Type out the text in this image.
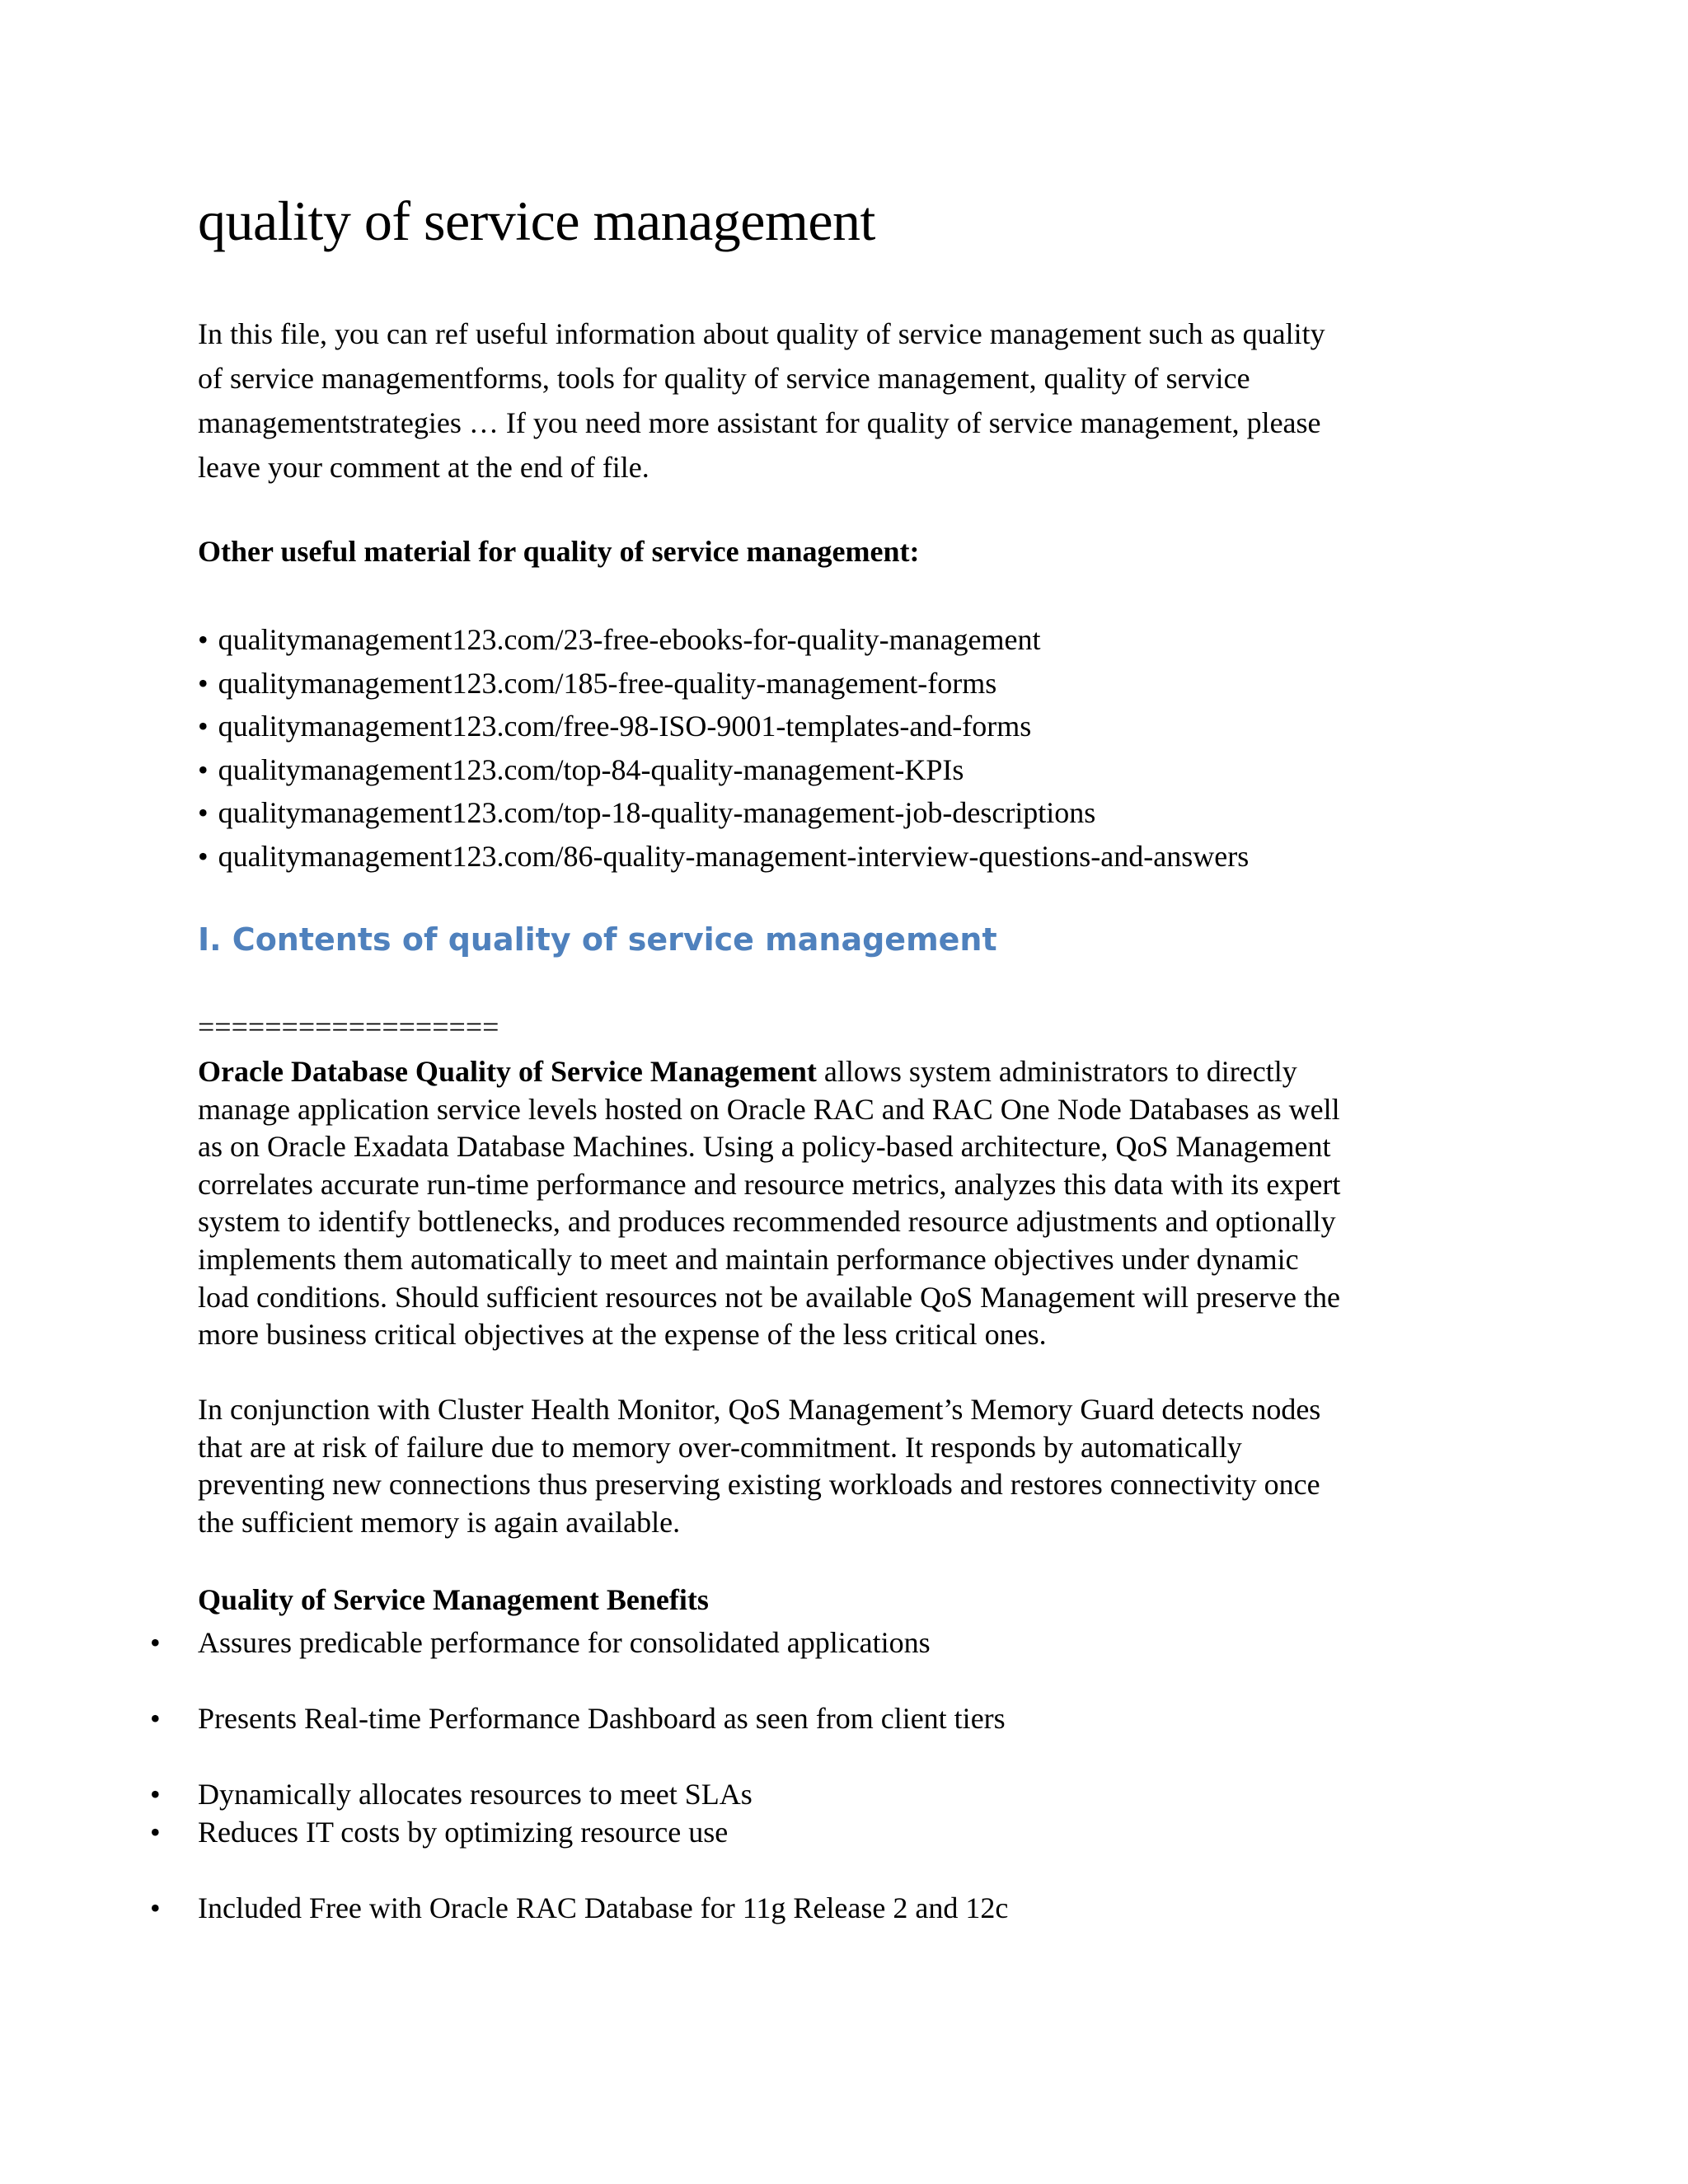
quality of service management

In this file, you can ref useful information about quality of service management such as quality
of service managementforms, tools for quality of service management, quality of service
managementstrategies … If you need more assistant for quality of service management, please
leave your comment at the end of file.

Other useful material for quality of service management:

• qualitymanagement123.com/23-free-ebooks-for-quality-management
• qualitymanagement123.com/185-free-quality-management-forms
• qualitymanagement123.com/free-98-ISO-9001-templates-and-forms
• qualitymanagement123.com/top-84-quality-management-KPIs
• qualitymanagement123.com/top-18-quality-management-job-descriptions
• qualitymanagement123.com/86-quality-management-interview-questions-and-answers
I. Contents of quality of service management

==================

Oracle Database Quality of Service Management allows system administrators to directly
manage application service levels hosted on Oracle RAC and RAC One Node Databases as well
as on Oracle Exadata Database Machines. Using a policy-based architecture, QoS Management
correlates accurate run-time performance and resource metrics, analyzes this data with its expert
system to identify bottlenecks, and produces recommended resource adjustments and optionally
implements them automatically to meet and maintain performance objectives under dynamic
load conditions. Should sufficient resources not be available QoS Management will preserve the
more business critical objectives at the expense of the less critical ones.

In conjunction with Cluster Health Monitor, QoS Management’s Memory Guard detects nodes
that are at risk of failure due to memory over-commitment. It responds by automatically
preventing new connections thus preserving existing workloads and restores connectivity once
the sufficient memory is again available.

Quality of Service Management Benefits

• Assures predicable performance for consolidated applications

• Presents Real-time Performance Dashboard as seen from client tiers

• Dynamically allocates resources to meet SLAs

• Reduces IT costs by optimizing resource use

• Included Free with Oracle RAC Database for 11g Release 2 and 12c
